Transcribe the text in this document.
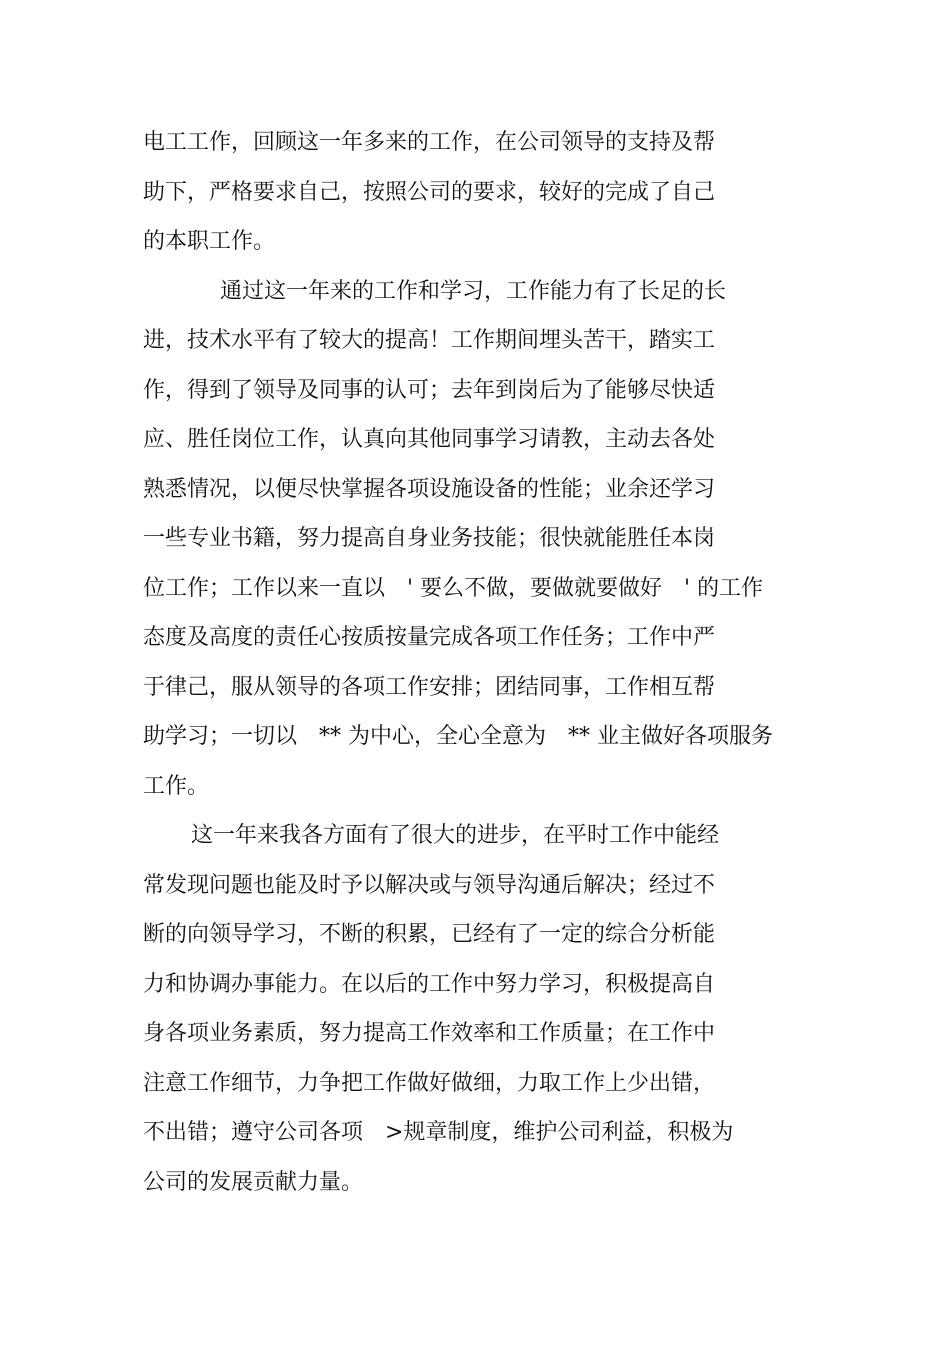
电工工作，回顾这一年多来的工作，在公司领导的支持及帮
助下，严格要求自己，按照公司的要求，较好的完成了自己
的本职工作。
通过这一年来的工作和学习，工作能力有了长足的长
进，技术水平有了较大的提高！工作期间埋头苦干，踏实工
作，得到了领导及同事的认可；去年到岗后为了能够尽快适
应、胜任岗位工作，认真向其他同事学习请教，主动去各处
熟悉情况，以便尽快掌握各项设施设备的性能；业余还学习
一些专业书籍，努力提高自身业务技能；很快就能胜任本岗
位工作；工作以来一直以　' 要么不做，要做就要做好　' 的工作
态度及高度的责任心按质按量完成各项工作任务；工作中严
于律己，服从领导的各项工作安排；团结同事，工作相互帮
助学习；一切以　** 为中心，全心全意为　** 业主做好各项服务
工作。
这一年来我各方面有了很大的进步，在平时工作中能经
常发现问题也能及时予以解决或与领导沟通后解决；经过不
断的向领导学习，不断的积累，已经有了一定的综合分析能
力和协调办事能力。在以后的工作中努力学习，积极提高自
身各项业务素质，努力提高工作效率和工作质量；在工作中
注意工作细节，力争把工作做好做细，力取工作上少出错，
不出错；遵守公司各项　>规章制度，维护公司利益，积极为
公司的发展贡献力量。
